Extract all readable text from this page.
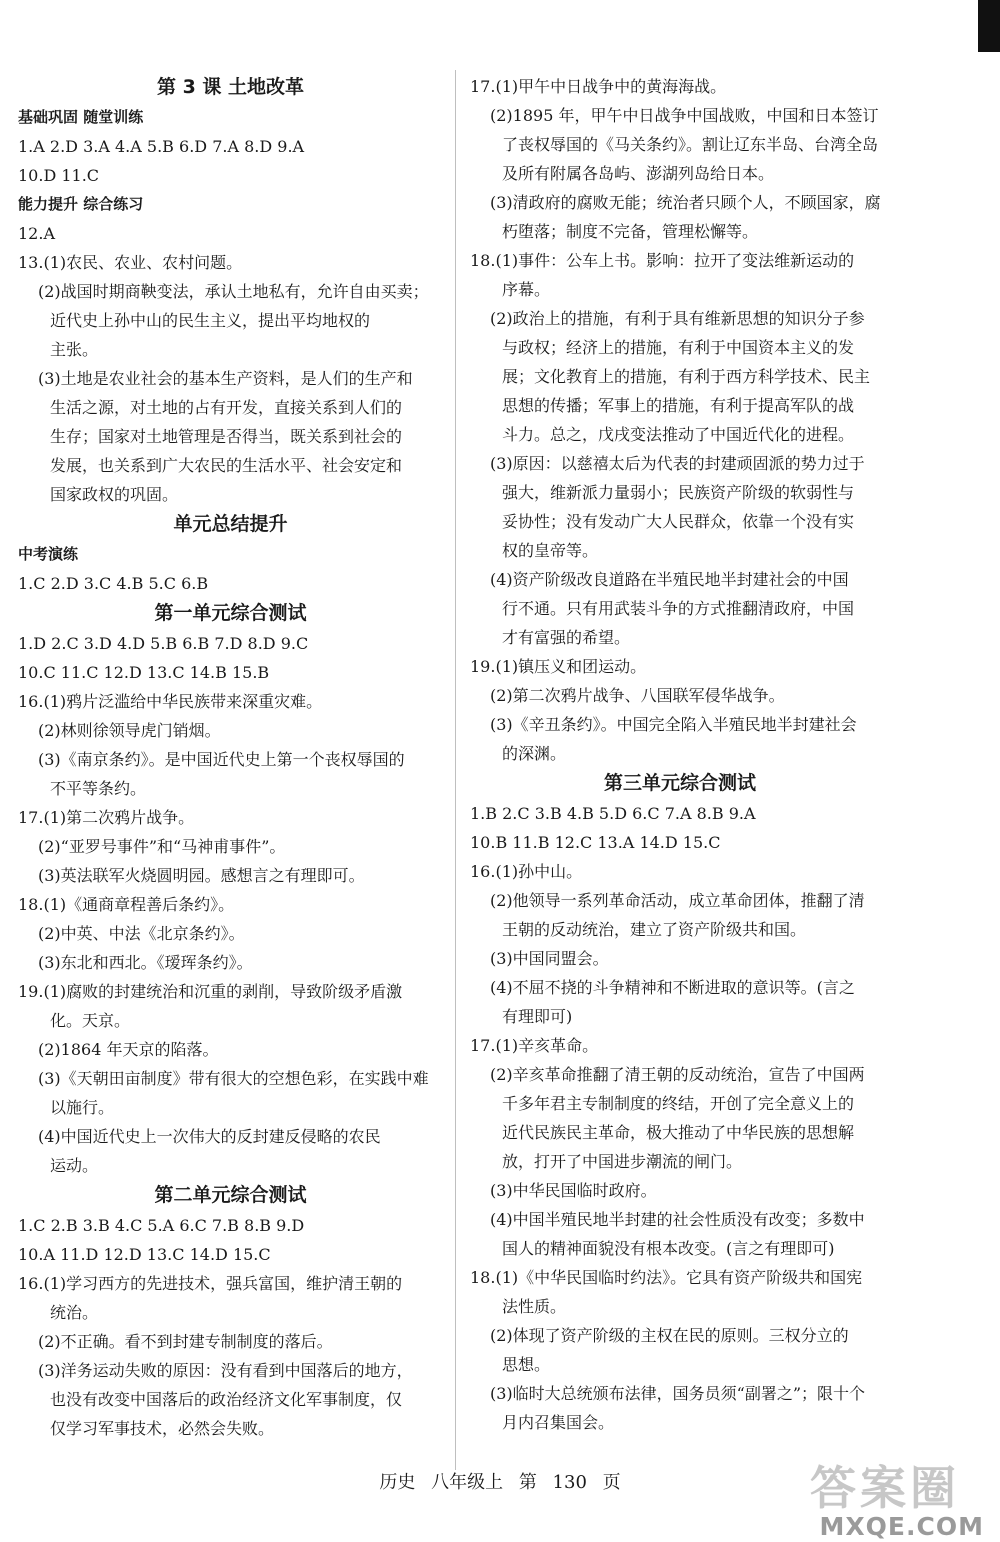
第 3 课 土地改革
基础巩固 随堂训练
1.A 2.D 3.A 4.A 5.B 6.D 7.A 8.D 9.A
10.D 11.C
能力提升 综合练习
12.A
13.(1)农民、农业、农村问题。
(2)战国时期商鞅变法，承认土地私有，允许自由买卖；
近代史上孙中山的民生主义，提出平均地权的
主张。
(3)土地是农业社会的基本生产资料，是人们的生产和
生活之源，对土地的占有开发，直接关系到人们的
生存；国家对土地管理是否得当，既关系到社会的
发展，也关系到广大农民的生活水平、社会安定和
国家政权的巩固。
单元总结提升
中考演练
1.C 2.D 3.C 4.B 5.C 6.B
第一单元综合测试
1.D 2.C 3.D 4.D 5.B 6.B 7.D 8.D 9.C
10.C 11.C 12.D 13.C 14.B 15.B
16.(1)鸦片泛滥给中华民族带来深重灾难。
(2)林则徐领导虎门销烟。
(3)《南京条约》。是中国近代史上第一个丧权辱国的
不平等条约。
17.(1)第二次鸦片战争。
(2)“亚罗号事件”和“马神甫事件”。
(3)英法联军火烧圆明园。感想言之有理即可。
18.(1)《通商章程善后条约》。
(2)中英、中法《北京条约》。
(3)东北和西北。《瑷珲条约》。
19.(1)腐败的封建统治和沉重的剥削，导致阶级矛盾激
化。天京。
(2)1864 年天京的陷落。
(3)《天朝田亩制度》带有很大的空想色彩，在实践中难
以施行。
(4)中国近代史上一次伟大的反封建反侵略的农民
运动。
第二单元综合测试
1.C 2.B 3.B 4.C 5.A 6.C 7.B 8.B 9.D
10.A 11.D 12.D 13.C 14.D 15.C
16.(1)学习西方的先进技术，强兵富国，维护清王朝的
统治。
(2)不正确。看不到封建专制制度的落后。
(3)洋务运动失败的原因：没有看到中国落后的地方，
也没有改变中国落后的政治经济文化军事制度，仅
仅学习军事技术，必然会失败。
17.(1)甲午中日战争中的黄海海战。
(2)1895 年，甲午中日战争中国战败，中国和日本签订
了丧权辱国的《马关条约》。割让辽东半岛、台湾全岛
及所有附属各岛屿、澎湖列岛给日本。
(3)清政府的腐败无能；统治者只顾个人，不顾国家，腐
朽堕落；制度不完备，管理松懈等。
18.(1)事件：公车上书。影响：拉开了变法维新运动的
序幕。
(2)政治上的措施，有利于具有维新思想的知识分子参
与政权；经济上的措施，有利于中国资本主义的发
展；文化教育上的措施，有利于西方科学技术、民主
思想的传播；军事上的措施，有利于提高军队的战
斗力。总之，戊戌变法推动了中国近代化的进程。
(3)原因：以慈禧太后为代表的封建顽固派的势力过于
强大，维新派力量弱小；民族资产阶级的软弱性与
妥协性；没有发动广大人民群众，依靠一个没有实
权的皇帝等。
(4)资产阶级改良道路在半殖民地半封建社会的中国
行不通。只有用武装斗争的方式推翻清政府，中国
才有富强的希望。
19.(1)镇压义和团运动。
(2)第二次鸦片战争、八国联军侵华战争。
(3)《辛丑条约》。中国完全陷入半殖民地半封建社会
的深渊。
第三单元综合测试
1.B 2.C 3.B 4.B 5.D 6.C 7.A 8.B 9.A
10.B 11.B 12.C 13.A 14.D 15.C
16.(1)孙中山。
(2)他领导一系列革命活动，成立革命团体，推翻了清
王朝的反动统治，建立了资产阶级共和国。
(3)中国同盟会。
(4)不屈不挠的斗争精神和不断进取的意识等。(言之
有理即可)
17.(1)辛亥革命。
(2)辛亥革命推翻了清王朝的反动统治，宣告了中国两
千多年君主专制制度的终结，开创了完全意义上的
近代民族民主革命，极大推动了中华民族的思想解
放，打开了中国进步潮流的闸门。
(3)中华民国临时政府。
(4)中国半殖民地半封建的社会性质没有改变；多数中
国人的精神面貌没有根本改变。(言之有理即可)
18.(1)《中华民国临时约法》。它具有资产阶级共和国宪
法性质。
(2)体现了资产阶级的主权在民的原则。三权分立的
思想。
(3)临时大总统颁布法律，国务员须“副署之”；限十个
月内召集国会。
历史 八年级上 第 130 页	答案圈
MXQE.COM
